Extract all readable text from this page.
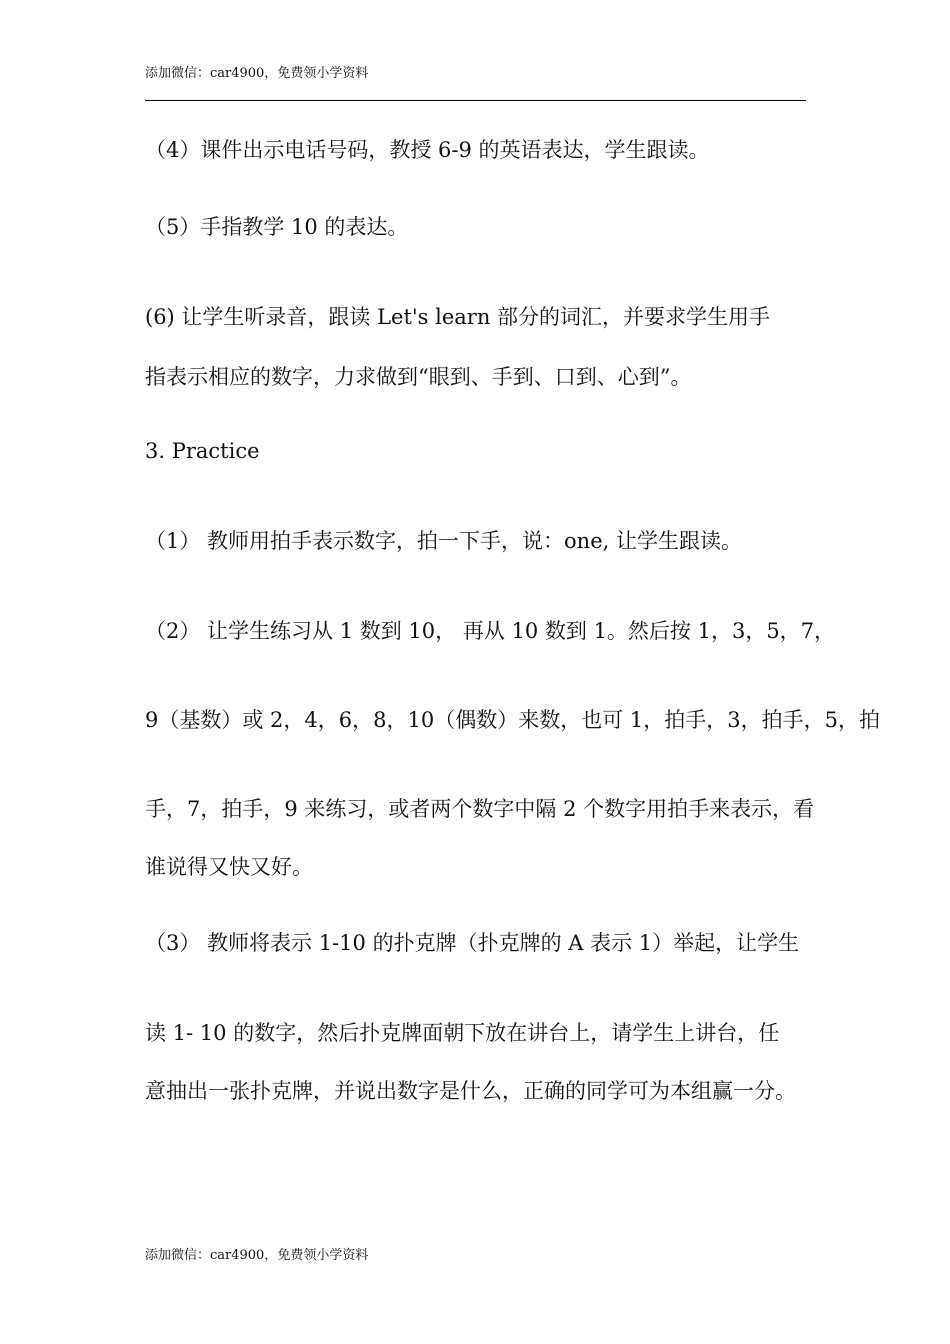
添加微信：car4900，免费领小学资料
（4）课件出示电话号码，教授 6-9 的英语表达，学生跟读。
（5）手指教学 10 的表达。
(6) 让学生听录音，跟读 Let's learn 部分的词汇，并要求学生用手
指表示相应的数字，力求做到“眼到、手到、口到、心到”。
3. Practice
（1） 教师用拍手表示数字，拍一下手，说：one, 让学生跟读。
（2） 让学生练习从 1 数到 10， 再从 10 数到 1。然后按 1，3，5，7，
9（基数）或 2，4，6，8，10（偶数）来数，也可 1，拍手，3，拍手，5，拍
手，7，拍手，9 来练习，或者两个数字中隔 2 个数字用拍手来表示，看
谁说得又快又好。
（3） 教师将表示 1-10 的扑克牌（扑克牌的 A 表示 1）举起，让学生
读 1- 10 的数字，然后扑克牌面朝下放在讲台上，请学生上讲台，任
意抽出一张扑克牌，并说出数字是什么，正确的同学可为本组赢一分。
添加微信：car4900，免费领小学资料
